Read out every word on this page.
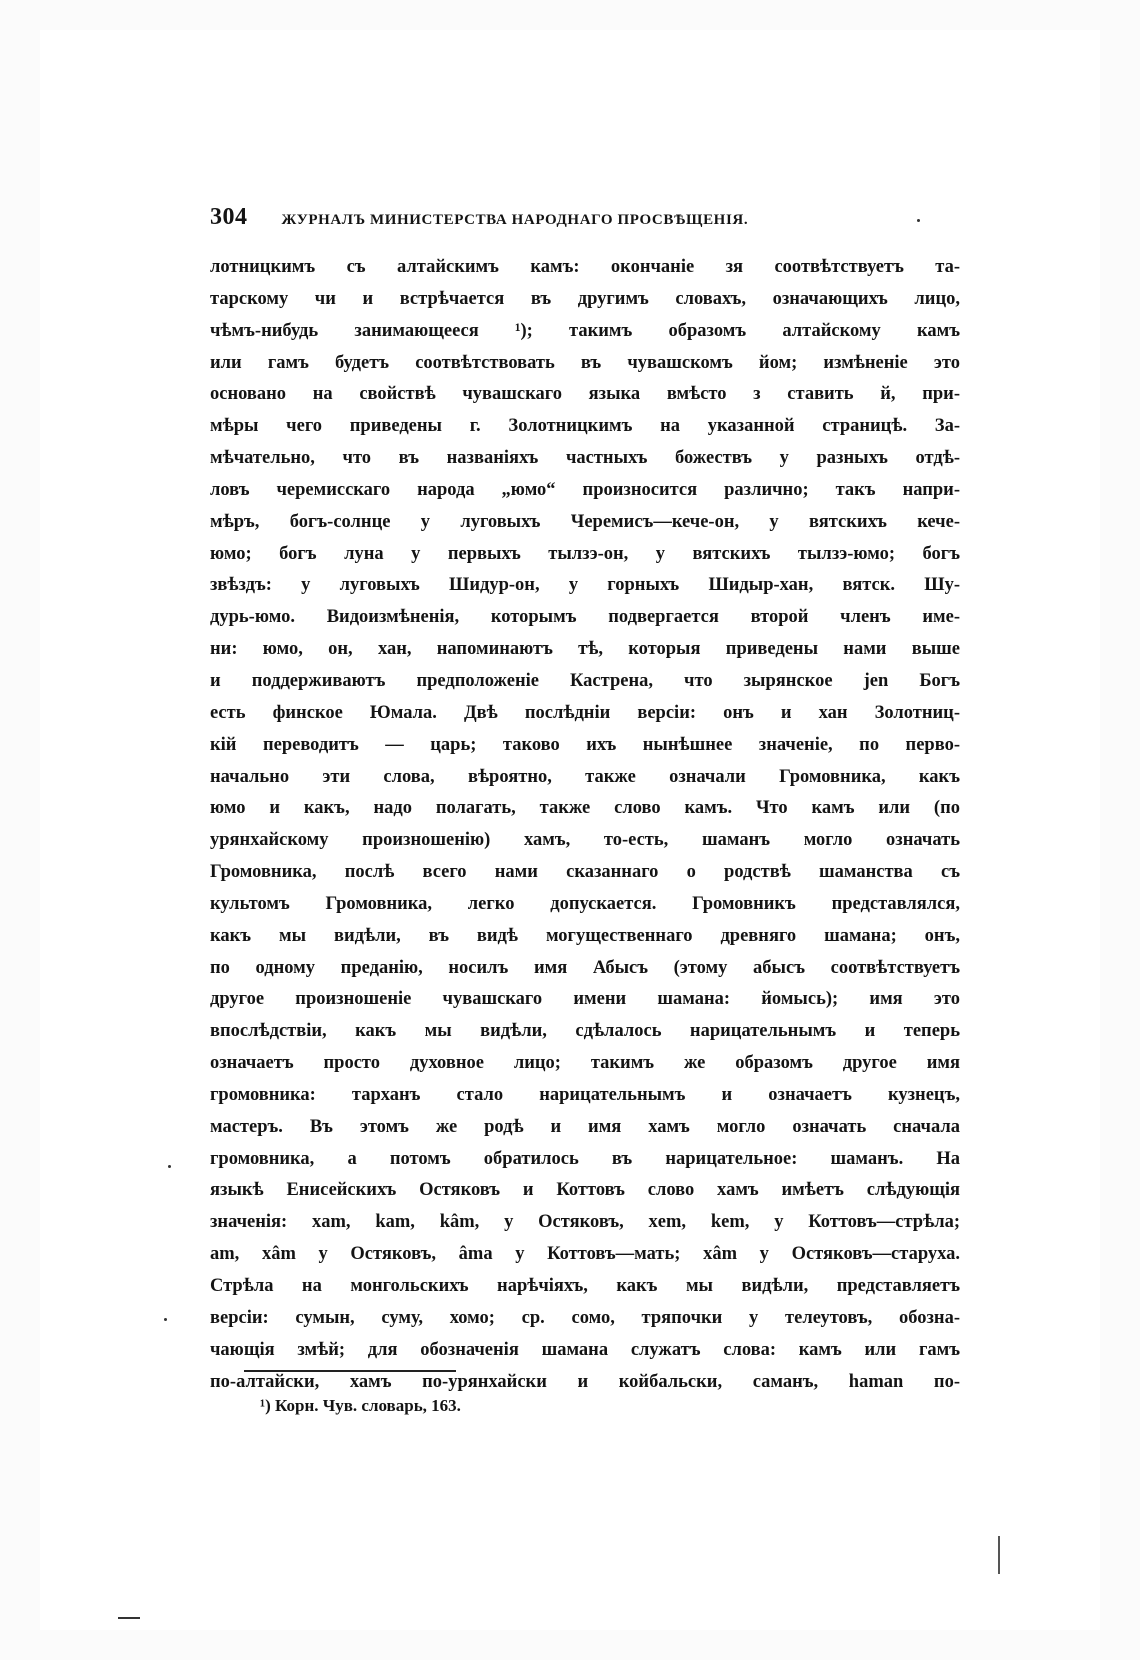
304 ЖУРНАЛЪ МИНИСТЕРСТВА НАРОДНАГО ПРОСВѢЩЕНІЯ.
лотницкимъ съ алтайскимъ камъ: окончаніе зя соотвѣтствуетъ та-
тарскому чи и встрѣчается въ другимъ словахъ, означающихъ лицо,
чѣмъ-нибудь занимающееся ¹); такимъ образомъ алтайскому камъ
или гамъ будетъ соотвѣтствовать въ чувашскомъ йом; измѣненіе это
основано на свойствѣ чувашскаго языка вмѣсто з ставить й, при-
мѣры чего приведены г. Золотницкимъ на указанной страницѣ. За-
мѣчательно, что въ названіяхъ частныхъ божествъ у разныхъ отдѣ-
ловъ черемисскаго народа „юмо“ произносится различно; такъ напри-
мѣръ, богъ-солнце у луговыхъ Черемисъ—кече-он, у вятскихъ кече-
юмо; богъ луна у первыхъ тылзэ-он, у вятскихъ тылзэ-юмо; богъ
звѣздъ: у луговыхъ Шидур-он, у горныхъ Шидыр-хан, вятск. Шу-
дурь-юмо. Видоизмѣненія, которымъ подвергается второй членъ име-
ни: юмо, он, хан, напоминаютъ тѣ, которыя приведены нами выше
и поддерживаютъ предположеніе Кастрена, что зырянское jen Богъ
есть финское Юмала. Двѣ послѣдніи версіи: онъ и хан Золотниц-
кій переводитъ — царь; таково ихъ нынѣшнее значеніе, по перво-
начально эти слова, вѣроятно, также означали Громовника, какъ
юмо и какъ, надо полагать, также слово камъ. Что камъ или (по
урянхайскому произношенію) хамъ, то-есть, шаманъ могло означать
Громовника, послѣ всего нами сказаннаго о родствѣ шаманства съ
культомъ Громовника, легко допускается. Громовникъ представлялся,
какъ мы видѣли, въ видѣ могущественнаго древняго шамана; онъ,
по одному преданію, носилъ имя Абысъ (этому абысъ соотвѣтствуетъ
другое произношеніе чувашскаго имени шамана: йомысь); имя это
впослѣдствіи, какъ мы видѣли, сдѣлалось нарицательнымъ и теперь
означаетъ просто духовное лицо; такимъ же образомъ другое имя
громовника: тарханъ стало нарицательнымъ и означаетъ кузнецъ,
мастеръ. Въ этомъ же родѣ и имя хамъ могло означать сначала
громовника, а потомъ обратилось въ нарицательное: шаманъ. На
языкѣ Енисейскихъ Остяковъ и Коттовъ слово хамъ имѣетъ слѣдующія
значенія: xam, kam, kâm, у Остяковъ, xem, kem, у Коттовъ—стрѣла;
am, xâm у Остяковъ, âma у Коттовъ—мать; xâm у Остяковъ—старуха.
Стрѣла на монгольскихъ нарѣчіяхъ, какъ мы видѣли, представляетъ
версіи: сумын, суму, хомо; ср. сомо, тряпочки у телеутовъ, обозна-
чающія змѣй; для обозначенія шамана служатъ слова: камъ или гамъ
по-алтайски, хамъ по-урянхайски и койбальски, саманъ, haman по-
¹) Корн. Чув. словарь, 163.
